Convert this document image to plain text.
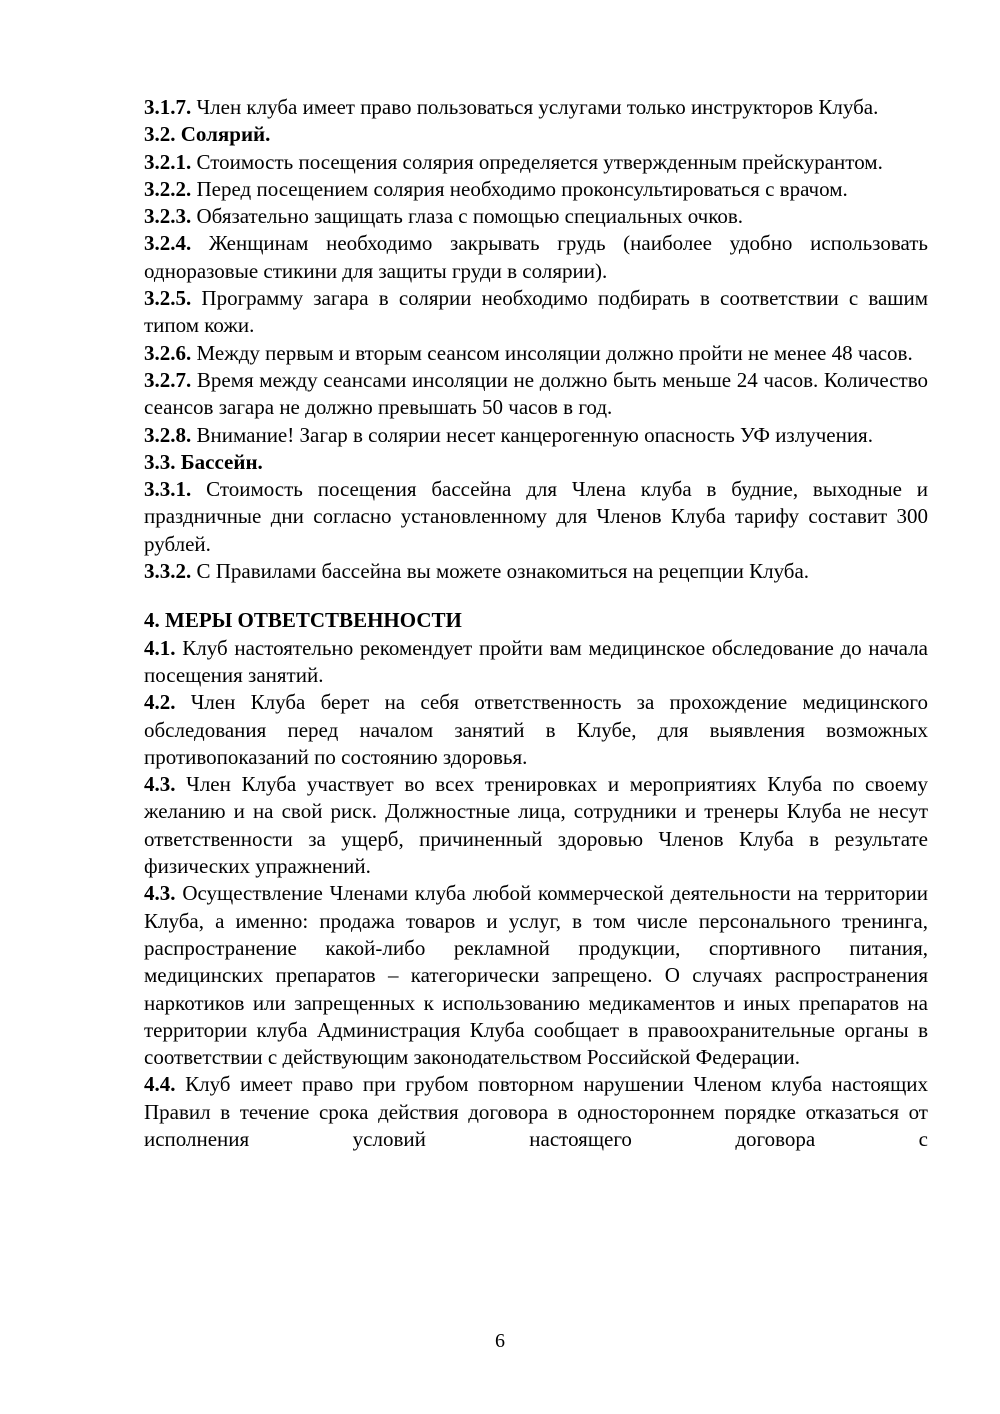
3.1.7. Член клуба имеет право пользоваться услугами только инструкторов Клуба.

3.2. Солярий.

3.2.1. Стоимость посещения солярия определяется утвержденным прейскурантом.

3.2.2. Перед посещением солярия необходимо проконсультироваться с врачом.

3.2.3. Обязательно защищать глаза с помощью специальных очков.

3.2.4. Женщинам необходимо закрывать грудь (наиболее удобно использовать одноразовые стикини для защиты груди в солярии).

3.2.5. Программу загара в солярии необходимо подбирать в соответствии с вашим типом кожи.

3.2.6. Между первым и вторым сеансом инсоляции должно пройти не менее 48 часов.

3.2.7. Время между сеансами инсоляции не должно быть меньше 24 часов. Количество сеансов загара не должно превышать 50 часов в год.

3.2.8. Внимание! Загар в солярии несет канцерогенную опасность УФ излучения.

3.3. Бассейн.

3.3.1. Стоимость посещения бассейна для Члена клуба в будние, выходные и праздничные дни согласно установленному для Членов Клуба тарифу составит 300 рублей.

3.3.2. С Правилами бассейна вы можете ознакомиться на рецепции Клуба.

4. МЕРЫ ОТВЕТСТВЕННОСТИ

4.1. Клуб настоятельно рекомендует пройти вам медицинское обследование до начала посещения занятий.

4.2. Член Клуба берет на себя ответственность за прохождение медицинского обследования перед началом занятий в Клубе, для выявления возможных противопоказаний по состоянию здоровья.

4.3. Член Клуба участвует во всех тренировках и мероприятиях Клуба по своему желанию и на свой риск. Должностные лица, сотрудники и тренеры Клуба не несут ответственности за ущерб, причиненный здоровью Членов Клуба в результате физических упражнений.

4.3. Осуществление Членами клуба любой коммерческой деятельности на территории Клуба, а именно: продажа товаров и услуг, в том числе персонального тренинга, распространение какой-либо рекламной продукции, спортивного питания, медицинских препаратов – категорически запрещено. О случаях распространения наркотиков или запрещенных к использованию медикаментов и иных препаратов на территории клуба Администрация Клуба сообщает в правоохранительные органы в соответствии с действующим законодательством Российской Федерации.

4.4. Клуб имеет право при грубом повторном нарушении Членом клуба настоящих Правил в течение срока действия договора в одностороннем порядке отказаться от исполнения условий настоящего договора с

6
